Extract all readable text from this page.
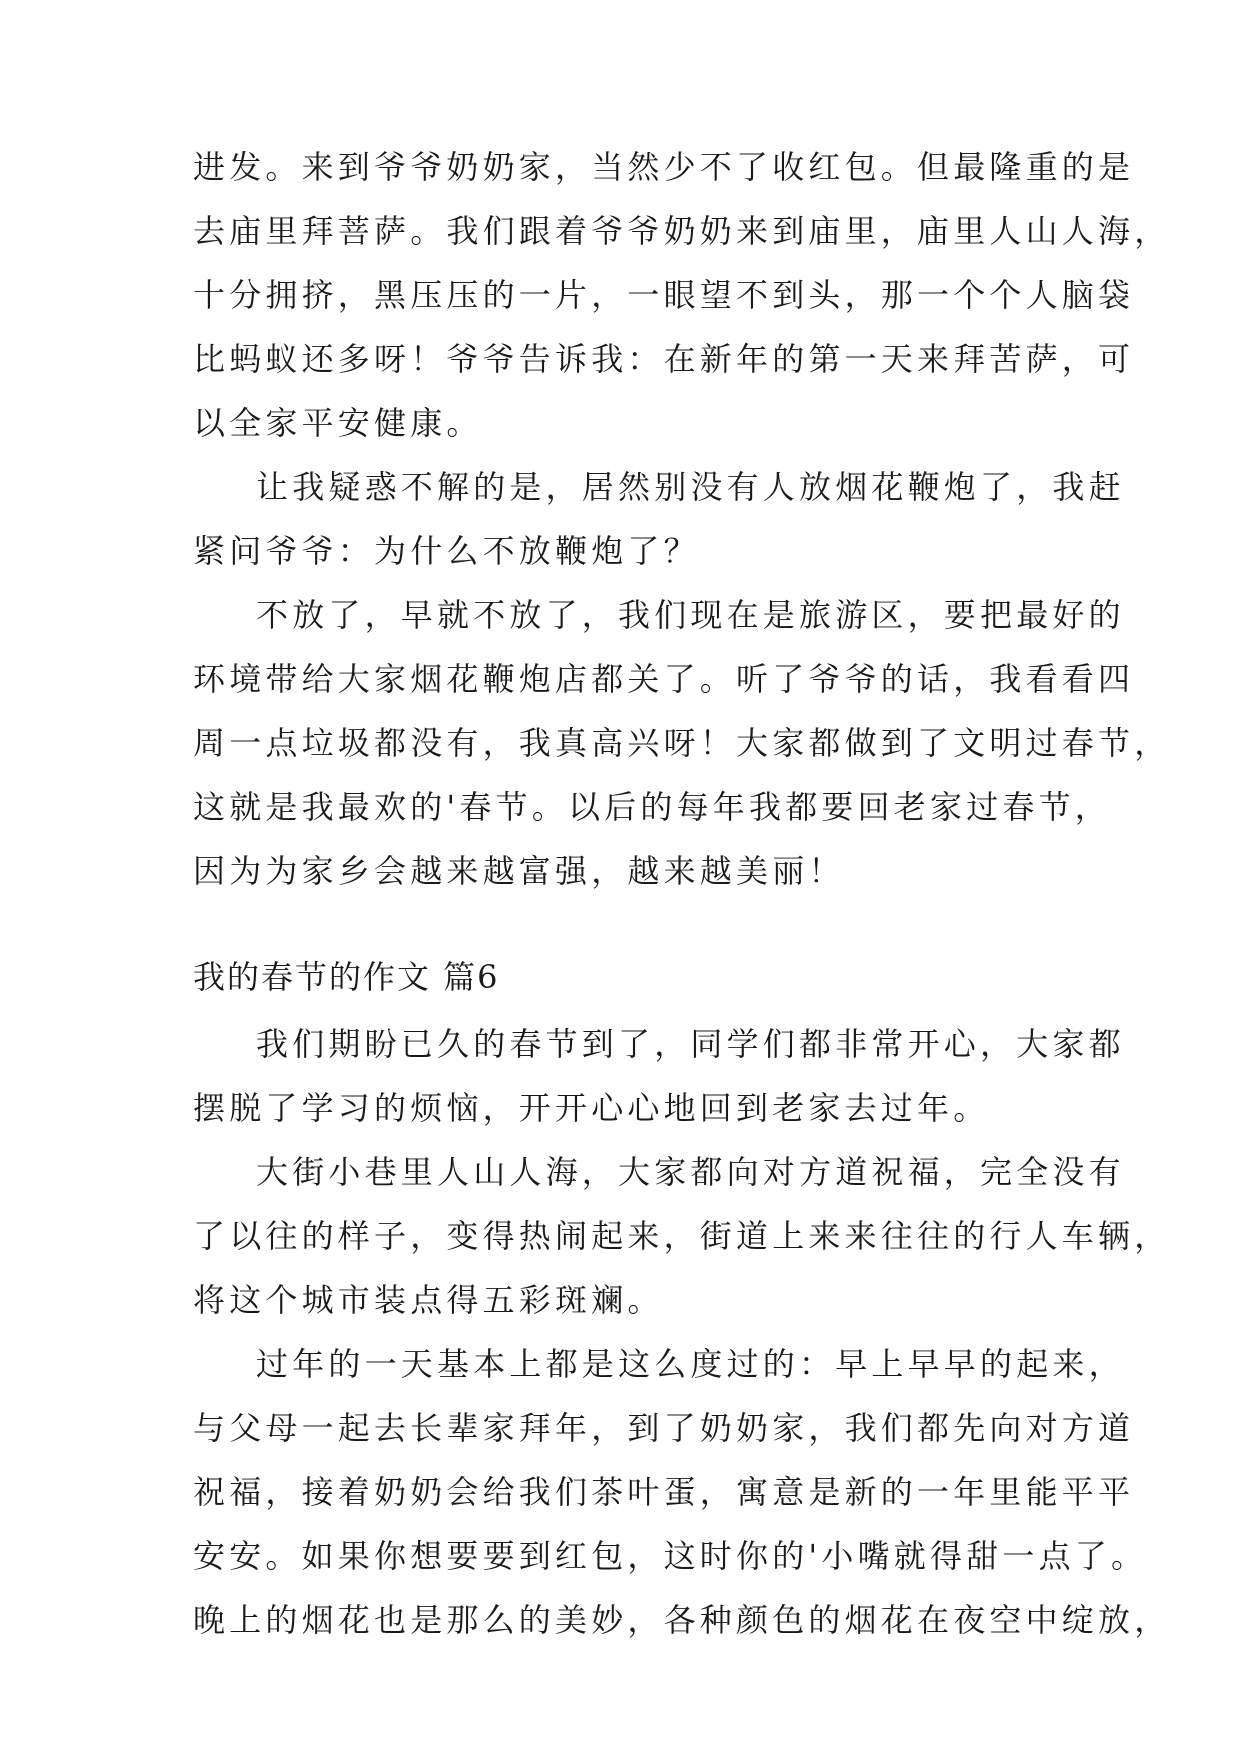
进发。来到爷爷奶奶家，当然少不了收红包。但最隆重的是
去庙里拜菩萨。我们跟着爷爷奶奶来到庙里，庙里人山人海，
十分拥挤，黑压压的一片，一眼望不到头，那一个个人脑袋
比蚂蚁还多呀！爷爷告诉我：在新年的第一天来拜苦萨，可
以全家平安健康。
让我疑惑不解的是，居然别没有人放烟花鞭炮了，我赶
紧问爷爷：为什么不放鞭炮了？
不放了，早就不放了，我们现在是旅游区，要把最好的
环境带给大家烟花鞭炮店都关了。听了爷爷的话，我看看四
周一点垃圾都没有，我真高兴呀！大家都做到了文明过春节，
这就是我最欢的'春节。以后的每年我都要回老家过春节，
因为为家乡会越来越富强，越来越美丽！
我的春节的作文 篇6
我们期盼已久的春节到了，同学们都非常开心，大家都
摆脱了学习的烦恼，开开心心地回到老家去过年。
大街小巷里人山人海，大家都向对方道祝福，完全没有
了以往的样子，变得热闹起来，街道上来来往往的行人车辆，
将这个城市装点得五彩斑斓。
过年的一天基本上都是这么度过的：早上早早的起来，
与父母一起去长辈家拜年，到了奶奶家，我们都先向对方道
祝福，接着奶奶会给我们茶叶蛋，寓意是新的一年里能平平
安安。如果你想要要到红包，这时你的'小嘴就得甜一点了。
晚上的烟花也是那么的美妙，各种颜色的烟花在夜空中绽放，
